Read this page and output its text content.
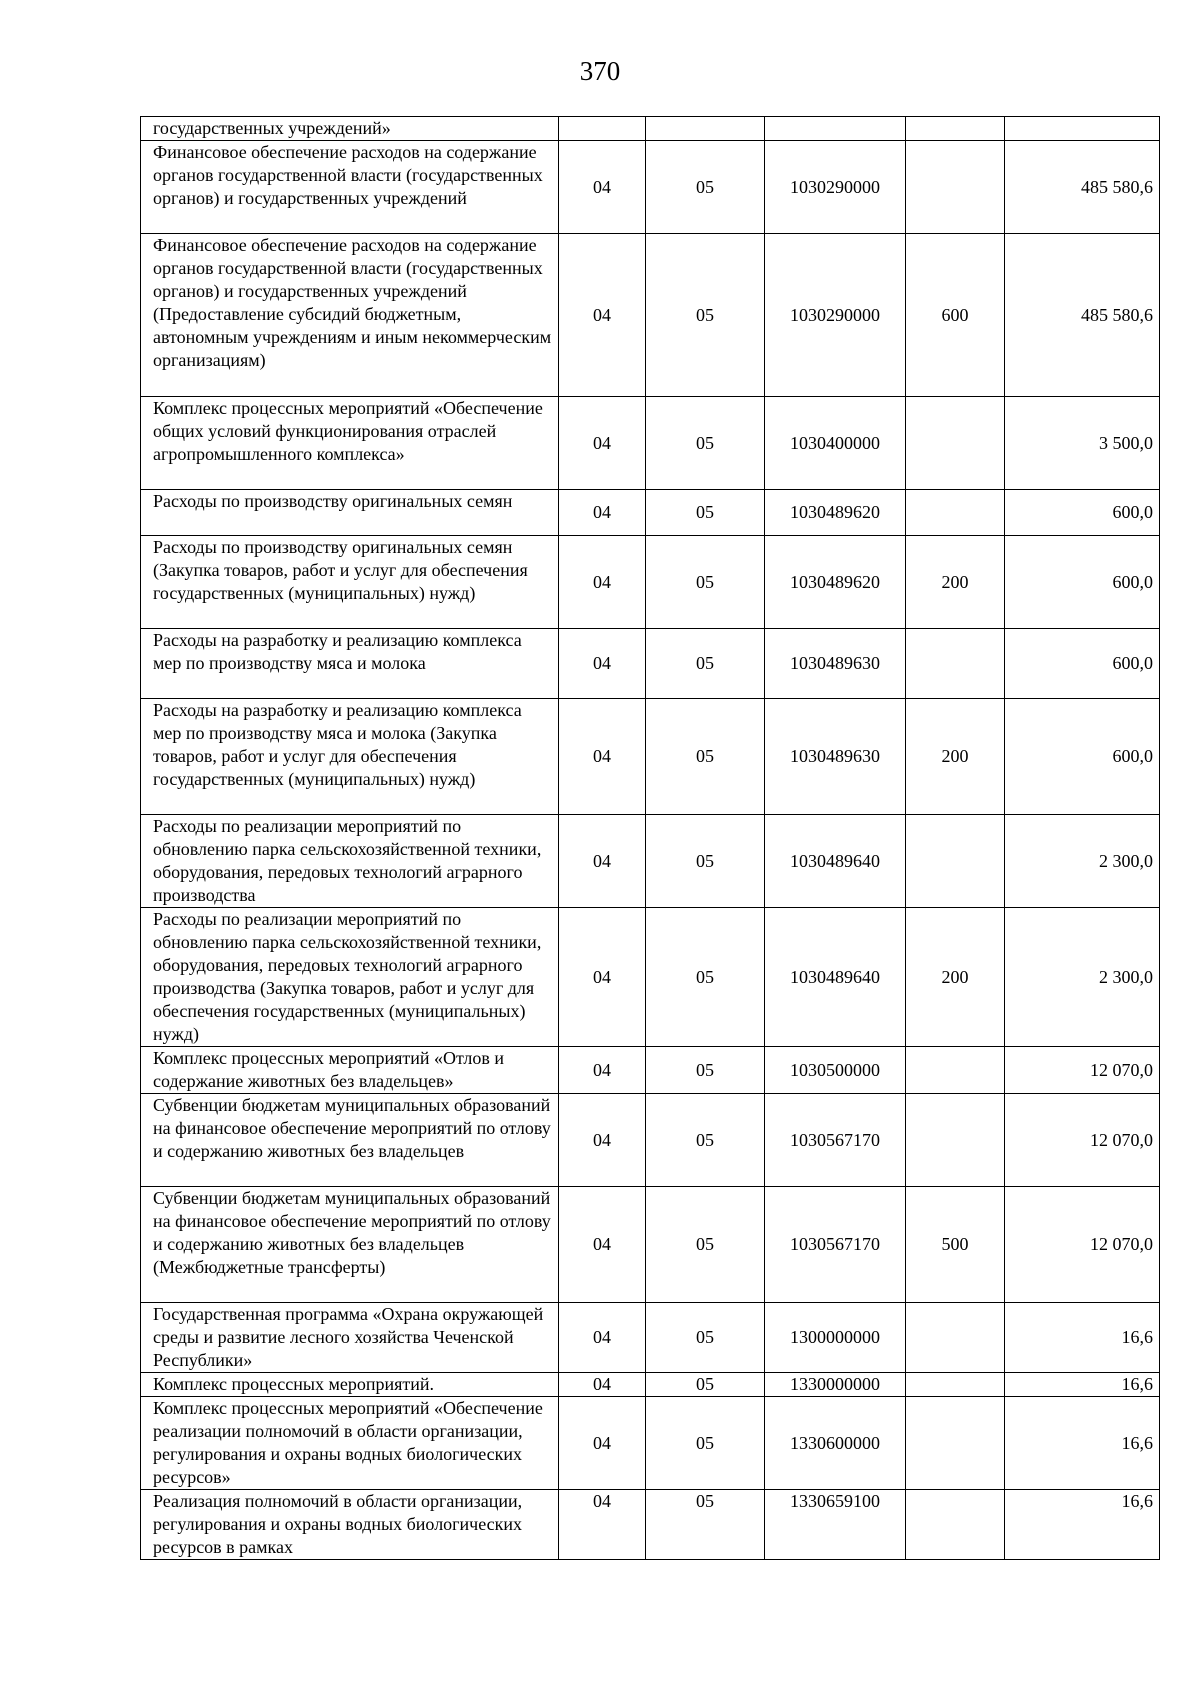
370
государственных учреждений»					
Финансовое обеспечение расходов на содержание органов государственной власти (государственных органов) и государственных учреждений	04	05	1030290000		485 580,6
Финансовое обеспечение расходов на содержание органов государственной власти (государственных органов) и государственных учреждений (Предоставление субсидий бюджетным, автономным учреждениям и иным некоммерческим организациям)	04	05	1030290000	600	485 580,6
Комплекс процессных мероприятий «Обеспечение общих условий функционирования отраслей агропромышленного комплекса»	04	05	1030400000		3 500,0
Расходы по производству оригинальных семян	04	05	1030489620		600,0
Расходы по производству оригинальных семян (Закупка товаров, работ и услуг для обеспечения государственных (муниципальных) нужд)	04	05	1030489620	200	600,0
Расходы на разработку и реализацию комплекса мер по производству мяса и молока	04	05	1030489630		600,0
Расходы на разработку и реализацию комплекса мер по производству мяса и молока (Закупка товаров, работ и услуг для обеспечения государственных (муниципальных) нужд)	04	05	1030489630	200	600,0
Расходы по реализации мероприятий по обновлению парка сельскохозяйственной техники, оборудования, передовых технологий аграрного производства	04	05	1030489640		2 300,0
Расходы по реализации мероприятий по обновлению парка сельскохозяйственной техники, оборудования, передовых технологий аграрного производства (Закупка товаров, работ и услуг для обеспечения государственных (муниципальных) нужд)	04	05	1030489640	200	2 300,0
Комплекс процессных мероприятий «Отлов и содержание животных без владельцев»	04	05	1030500000		12 070,0
Субвенции бюджетам муниципальных образований на финансовое обеспечение мероприятий по отлову и содержанию животных без владельцев	04	05	1030567170		12 070,0
Субвенции бюджетам муниципальных образований на финансовое обеспечение мероприятий по отлову и содержанию животных без владельцев (Межбюджетные трансферты)	04	05	1030567170	500	12 070,0
Государственная программа «Охрана окружающей среды и развитие лесного хозяйства Чеченской Республики»	04	05	1300000000		16,6
Комплекс процессных мероприятий.	04	05	1330000000		16,6
Комплекс процессных мероприятий «Обеспечение реализации полномочий в области организации, регулирования и охраны водных биологических ресурсов»	04	05	1330600000		16,6
Реализация полномочий в области организации, регулирования и охраны водных биологических ресурсов в рамках	04	05	1330659100		16,6
